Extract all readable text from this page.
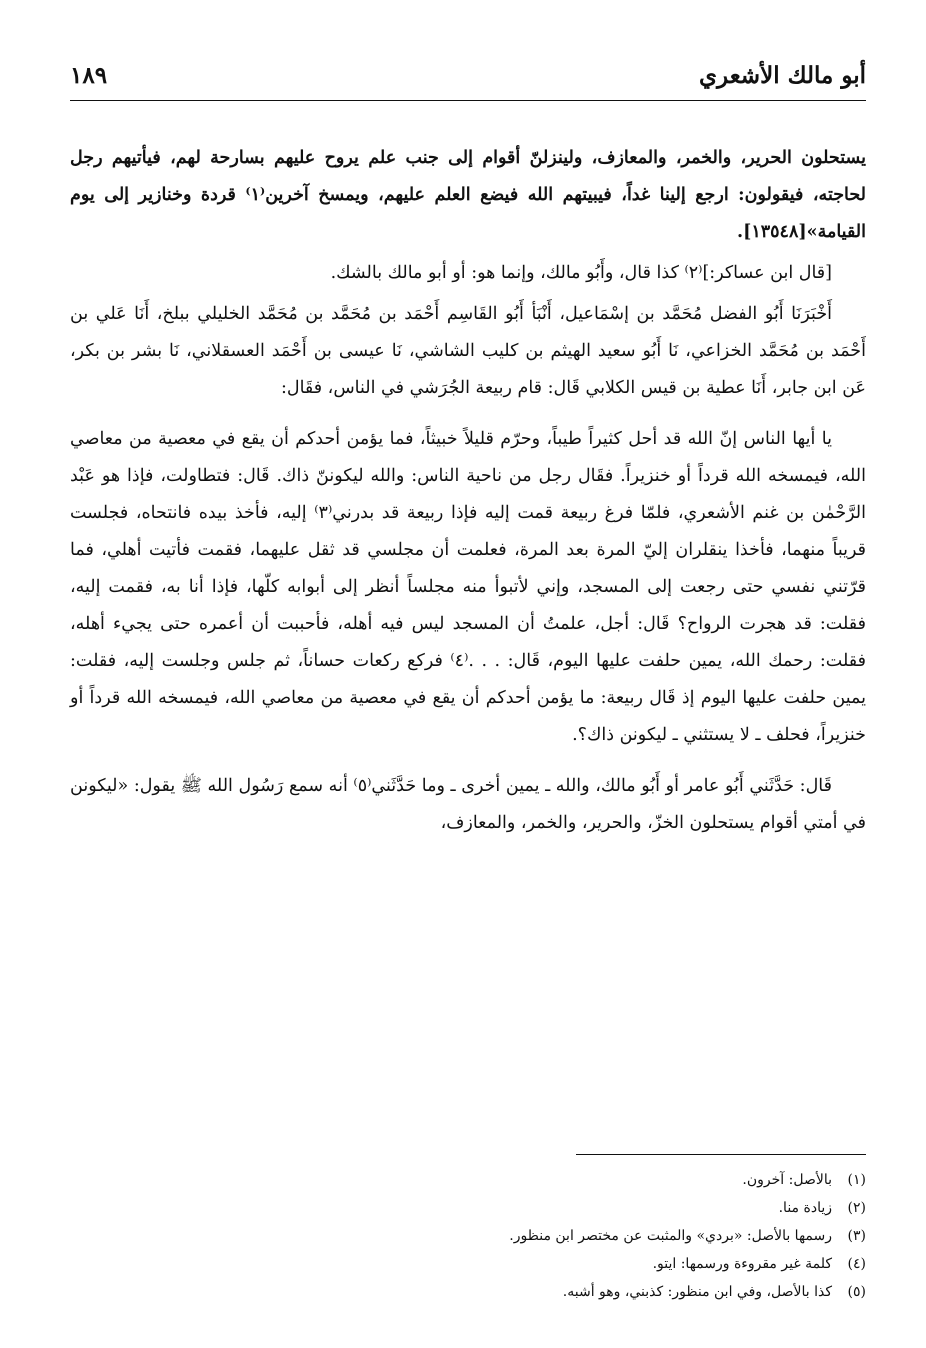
أبو مالك الأشعري
١٨٩

يستحلون الحرير، والخمر، والمعازف، ولينزلنّ أقوام إلى جنب علم يروح عليهم بسارحة لهم، فيأتيهم رجل لحاجته، فيقولون: ارجع إلينا غداً، فيبيتهم الله فيضع العلم عليهم، ويمسخ آخرين⁽١⁾ قردة وخنازير إلى يوم القيامة»[١٣٥٤٨].

[قال ابن عساكر:]⁽٢⁾ كذا قال، وأَبُو مالك، وإنما هو: أو أبو مالك بالشك.

أَخْبَرَنَا أَبُو الفضل مُحَمَّد بن إسْمَاعيل، أَنْبَأ أَبُو القَاسِم أَحْمَد بن مُحَمَّد بن مُحَمَّد الخليلي ببلخ، أَنَا عَلي بن أَحْمَد بن مُحَمَّد الخزاعي، نَا أَبُو سعيد الهيثم بن كليب الشاشي، نَا عيسى بن أَحْمَد العسقلاني، نَا بشر بن بكر، عَن ابن جابر، أَنَا عطية بن قيس الكلابي قَال: قام ربيعة الجُرَشي في الناس، فقَال:

يا أيها الناس إنّ الله قد أحل كثيراً طيباً، وحرّم قليلاً خبيثاً، فما يؤمن أحدكم أن يقع في معصية من معاصي الله، فيمسخه الله قرداً أو خنزيراً. فقَال رجل من ناحية الناس: والله ليكوننّ ذاك. قَال: فتطاولت، فإذا هو عَبْد الرَّحْمٰن بن غنم الأشعري، فلمّا فرغ ربيعة قمت إليه فإذا ربيعة قد بدرني⁽٣⁾ إليه، فأخذ بيده فانتحاه، فجلست قريباً منهما، فأخذا ينقلران إليّ المرة بعد المرة، فعلمت أن مجلسي قد ثقل عليهما، فقمت فأتيت أهلي، فما قرّتني نفسي حتى رجعت إلى المسجد، وإني لأتبوأ منه مجلساً أنظر إلى أبوابه كلّها، فإذا أنا به، فقمت إليه، فقلت: قد هجرت الرواح؟ قَال: أجل، علمتُ أن المسجد ليس فيه أهله، فأحببت أن أعمره حتى يجيء أهله، فقلت: رحمك الله، يمين حلفت عليها اليوم، قَال: . . .⁽٤⁾ فركع ركعات حساناً، ثم جلس وجلست إليه، فقلت: يمين حلفت عليها اليوم إذ قَال ربيعة: ما يؤمن أحدكم أن يقع في معصية من معاصي الله، فيمسخه الله قرداً أو خنزيراً، فحلف ـ لا يستثني ـ ليكونن ذاك؟.

قَال: حَدَّثَني أَبُو عامر أو أَبُو مالك، والله ـ يمين أخرى ـ وما حَدَّثَني⁽٥⁾ أنه سمع رَسُول الله ﷺ يقول: «ليكونن في أمتي أقوام يستحلون الخزّ، والحرير، والخمر، والمعازف،

(١)بالأصل: آخرون.
(٢)زيادة منا.
(٣)رسمها بالأصل: «بردي» والمثبت عن مختصر ابن منظور.
(٤)كلمة غير مقروءة ورسمها: ايتو.
(٥)كذا بالأصل، وفي ابن منظور: كذبني، وهو أشبه.
